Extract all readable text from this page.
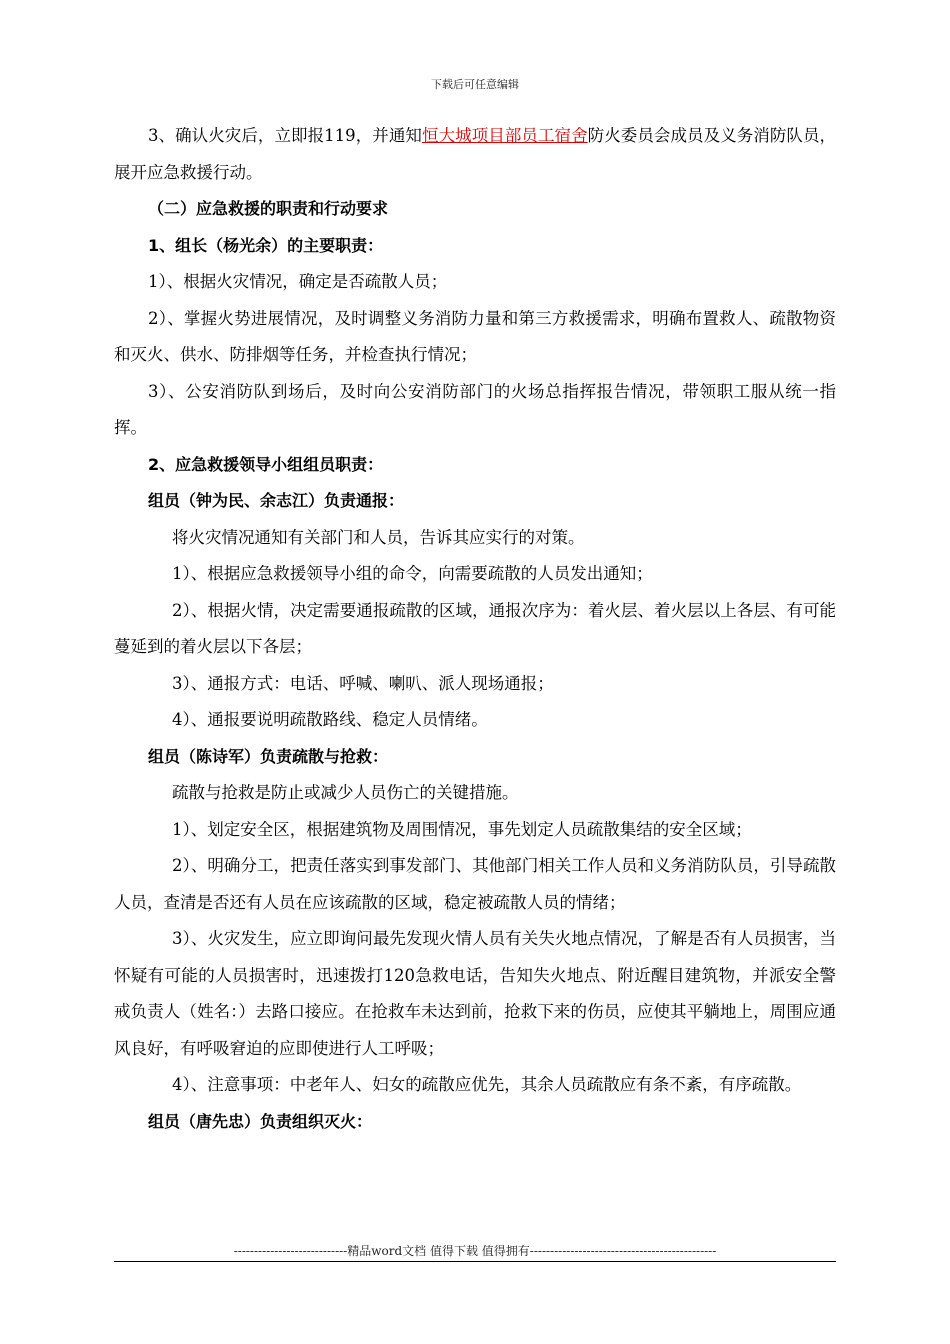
下载后可任意编辑

3、确认火灾后，立即报119，并通知恒大城项目部员工宿舍防火委员会成员及义务消防队员，展开应急救援行动。

（二）应急救援的职责和行动要求

1、组长（杨光余）的主要职责：

1）、根据火灾情况，确定是否疏散人员；

2）、掌握火势进展情况，及时调整义务消防力量和第三方救援需求，明确布置救人、疏散物资和灭火、供水、防排烟等任务，并检查执行情况；

3）、公安消防队到场后，及时向公安消防部门的火场总指挥报告情况，带领职工服从统一指挥。

2、应急救援领导小组组员职责：

组员（钟为民、余志江）负责通报：

将火灾情况通知有关部门和人员，告诉其应实行的对策。

1）、根据应急救援领导小组的命令，向需要疏散的人员发出通知；

2）、根据火情，决定需要通报疏散的区域，通报次序为：着火层、着火层以上各层、有可能蔓延到的着火层以下各层；

3）、通报方式：电话、呼喊、喇叭、派人现场通报；

4）、通报要说明疏散路线、稳定人员情绪。

组员（陈诗军）负责疏散与抢救：

疏散与抢救是防止或减少人员伤亡的关键措施。

1）、划定安全区，根据建筑物及周围情况，事先划定人员疏散集结的安全区域；

2）、明确分工，把责任落实到事发部门、其他部门相关工作人员和义务消防队员，引导疏散人员，查清是否还有人员在应该疏散的区域，稳定被疏散人员的情绪；

3）、火灾发生，应立即询问最先发现火情人员有关失火地点情况，了解是否有人员损害，当怀疑有可能的人员损害时，迅速拨打120急救电话，告知失火地点、附近醒目建筑物，并派安全警戒负责人（姓名：）去路口接应。在抢救车未达到前，抢救下来的伤员，应使其平躺地上，周围应通风良好，有呼吸窘迫的应即使进行人工呼吸；

4）、注意事项：中老年人、妇女的疏散应优先，其余人员疏散应有条不紊，有序疏散。

组员（唐先忠）负责组织灭火：

----------------------------精品word文档 值得下载 值得拥有----------------------------------------------
